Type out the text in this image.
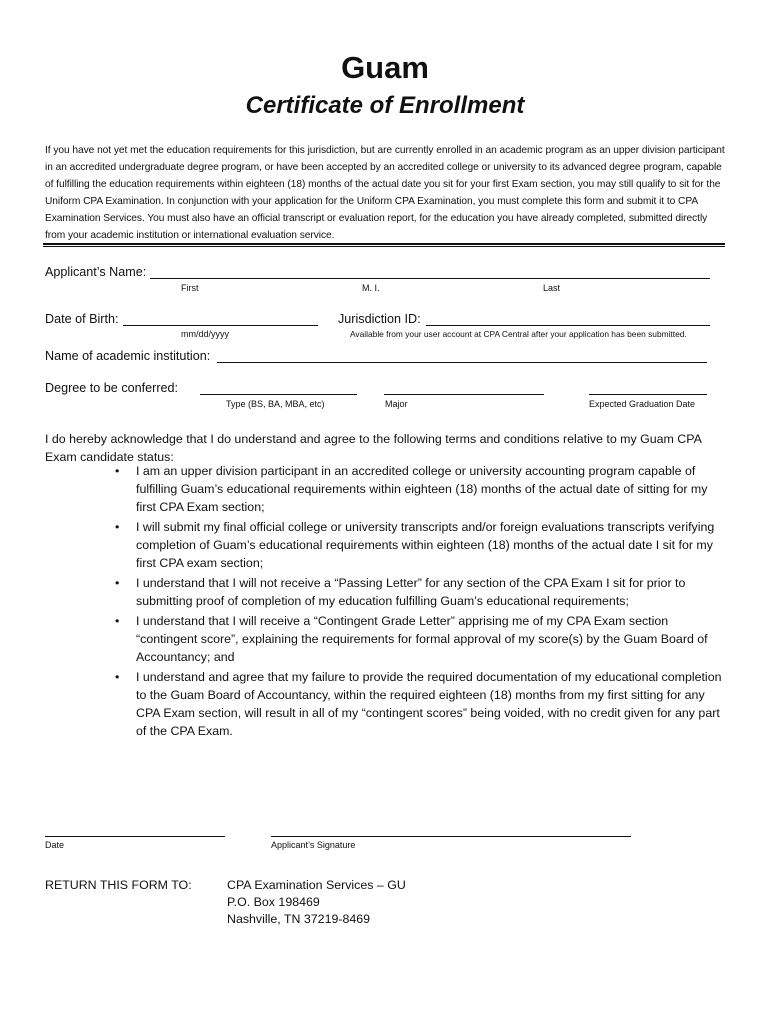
Guam
Certificate of Enrollment
If you have not yet met the education requirements for this jurisdiction, but are currently enrolled in an academic program as an upper division participant in an accredited undergraduate degree program, or have been accepted by an accredited college or university to its advanced degree program, capable of fulfilling the education requirements within eighteen (18) months of the actual date you sit for your first Exam section, you may still qualify to sit for the Uniform CPA Examination. In conjunction with your application for the Uniform CPA Examination, you must complete this form and submit it to CPA Examination Services. You must also have an official transcript or evaluation report, for the education you have already completed, submitted directly from your academic institution or international evaluation service.
Applicant’s Name:
First	M. I.	Last
Date of Birth:
mm/dd/yyyy
Jurisdiction ID:
Available from your user account at CPA Central after your application has been submitted.
Name of academic institution:
Degree to be conferred:
Type (BS, BA, MBA, etc)	Major	Expected Graduation Date
I do hereby acknowledge that I do understand and agree to the following terms and conditions relative to my Guam CPA Exam candidate status:
• I am an upper division participant in an accredited college or university accounting program capable of fulfilling Guam’s educational requirements within eighteen (18) months of the actual date of sitting for my first CPA Exam section;
• I will submit my final official college or university transcripts and/or foreign evaluations transcripts verifying completion of Guam’s educational requirements within eighteen (18) months of the actual date I sit for my first CPA exam section;
• I understand that I will not receive a “Passing Letter” for any section of the CPA Exam I sit for prior to submitting proof of completion of my education fulfilling Guam’s educational requirements;
• I understand that I will receive a “Contingent Grade Letter” apprising me of my CPA Exam section “contingent score”, explaining the requirements for formal approval of my score(s) by the Guam Board of Accountancy; and
• I understand and agree that my failure to provide the required documentation of my educational completion to the Guam Board of Accountancy, within the required eighteen (18) months from my first sitting for any CPA Exam section, will result in all of my “contingent scores” being voided, with no credit given for any part of the CPA Exam.
Date	Applicant’s Signature
RETURN THIS FORM TO:	CPA Examination Services – GU
P.O. Box 198469
Nashville, TN 37219-8469
